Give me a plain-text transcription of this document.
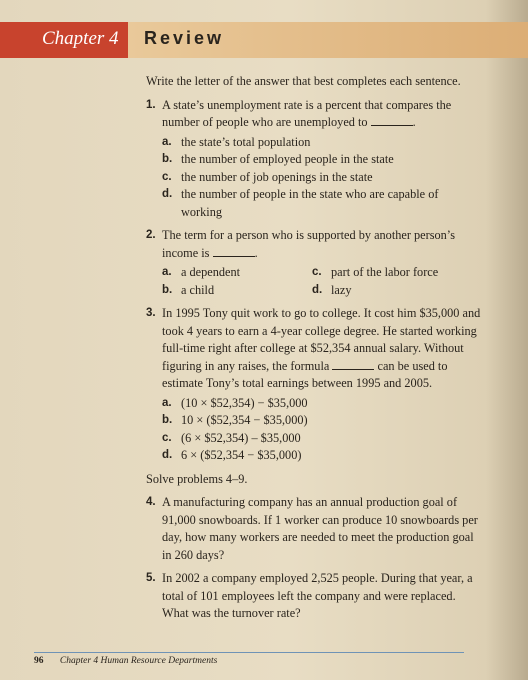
Chapter 4 Review

Write the letter of the answer that best completes each sentence.

1. A state’s unemployment rate is a percent that compares the number of people who are unemployed to	.
a. the state’s total population
b. the number of employed people in the state
c. the number of job openings in the state
d. the number of people in the state who are capable of working
2. The term for a person who is supported by another person’s income is	.
a. a dependent	c. part of the labor force
b. a child	d. lazy
3. In 1995 Tony quit work to go to college. It cost him $35,000 and took 4 years to earn a 4-year college degree. He started working full-time right after college at $52,354 annual salary. Without figuring in any raises, the formula	can be used to estimate Tony’s total earnings between 1995 and 2005.
a. (10 × $52,354) − $35,000
b. 10 × ($52,354 − $35,000)
c. (6 × $52,354) – $35,000
d. 6 × ($52,354 − $35,000)

Solve problems 4–9.

4. A manufacturing company has an annual production goal of 91,000 snowboards. If 1 worker can produce 10 snowboards per day, how many workers are needed to meet the production goal in 260 days?
5. In 2002 a company employed 2,525 people. During that year, a total of 101 employees left the company and were replaced. What was the turnover rate?
96 Chapter 4 Human Resource Departments
